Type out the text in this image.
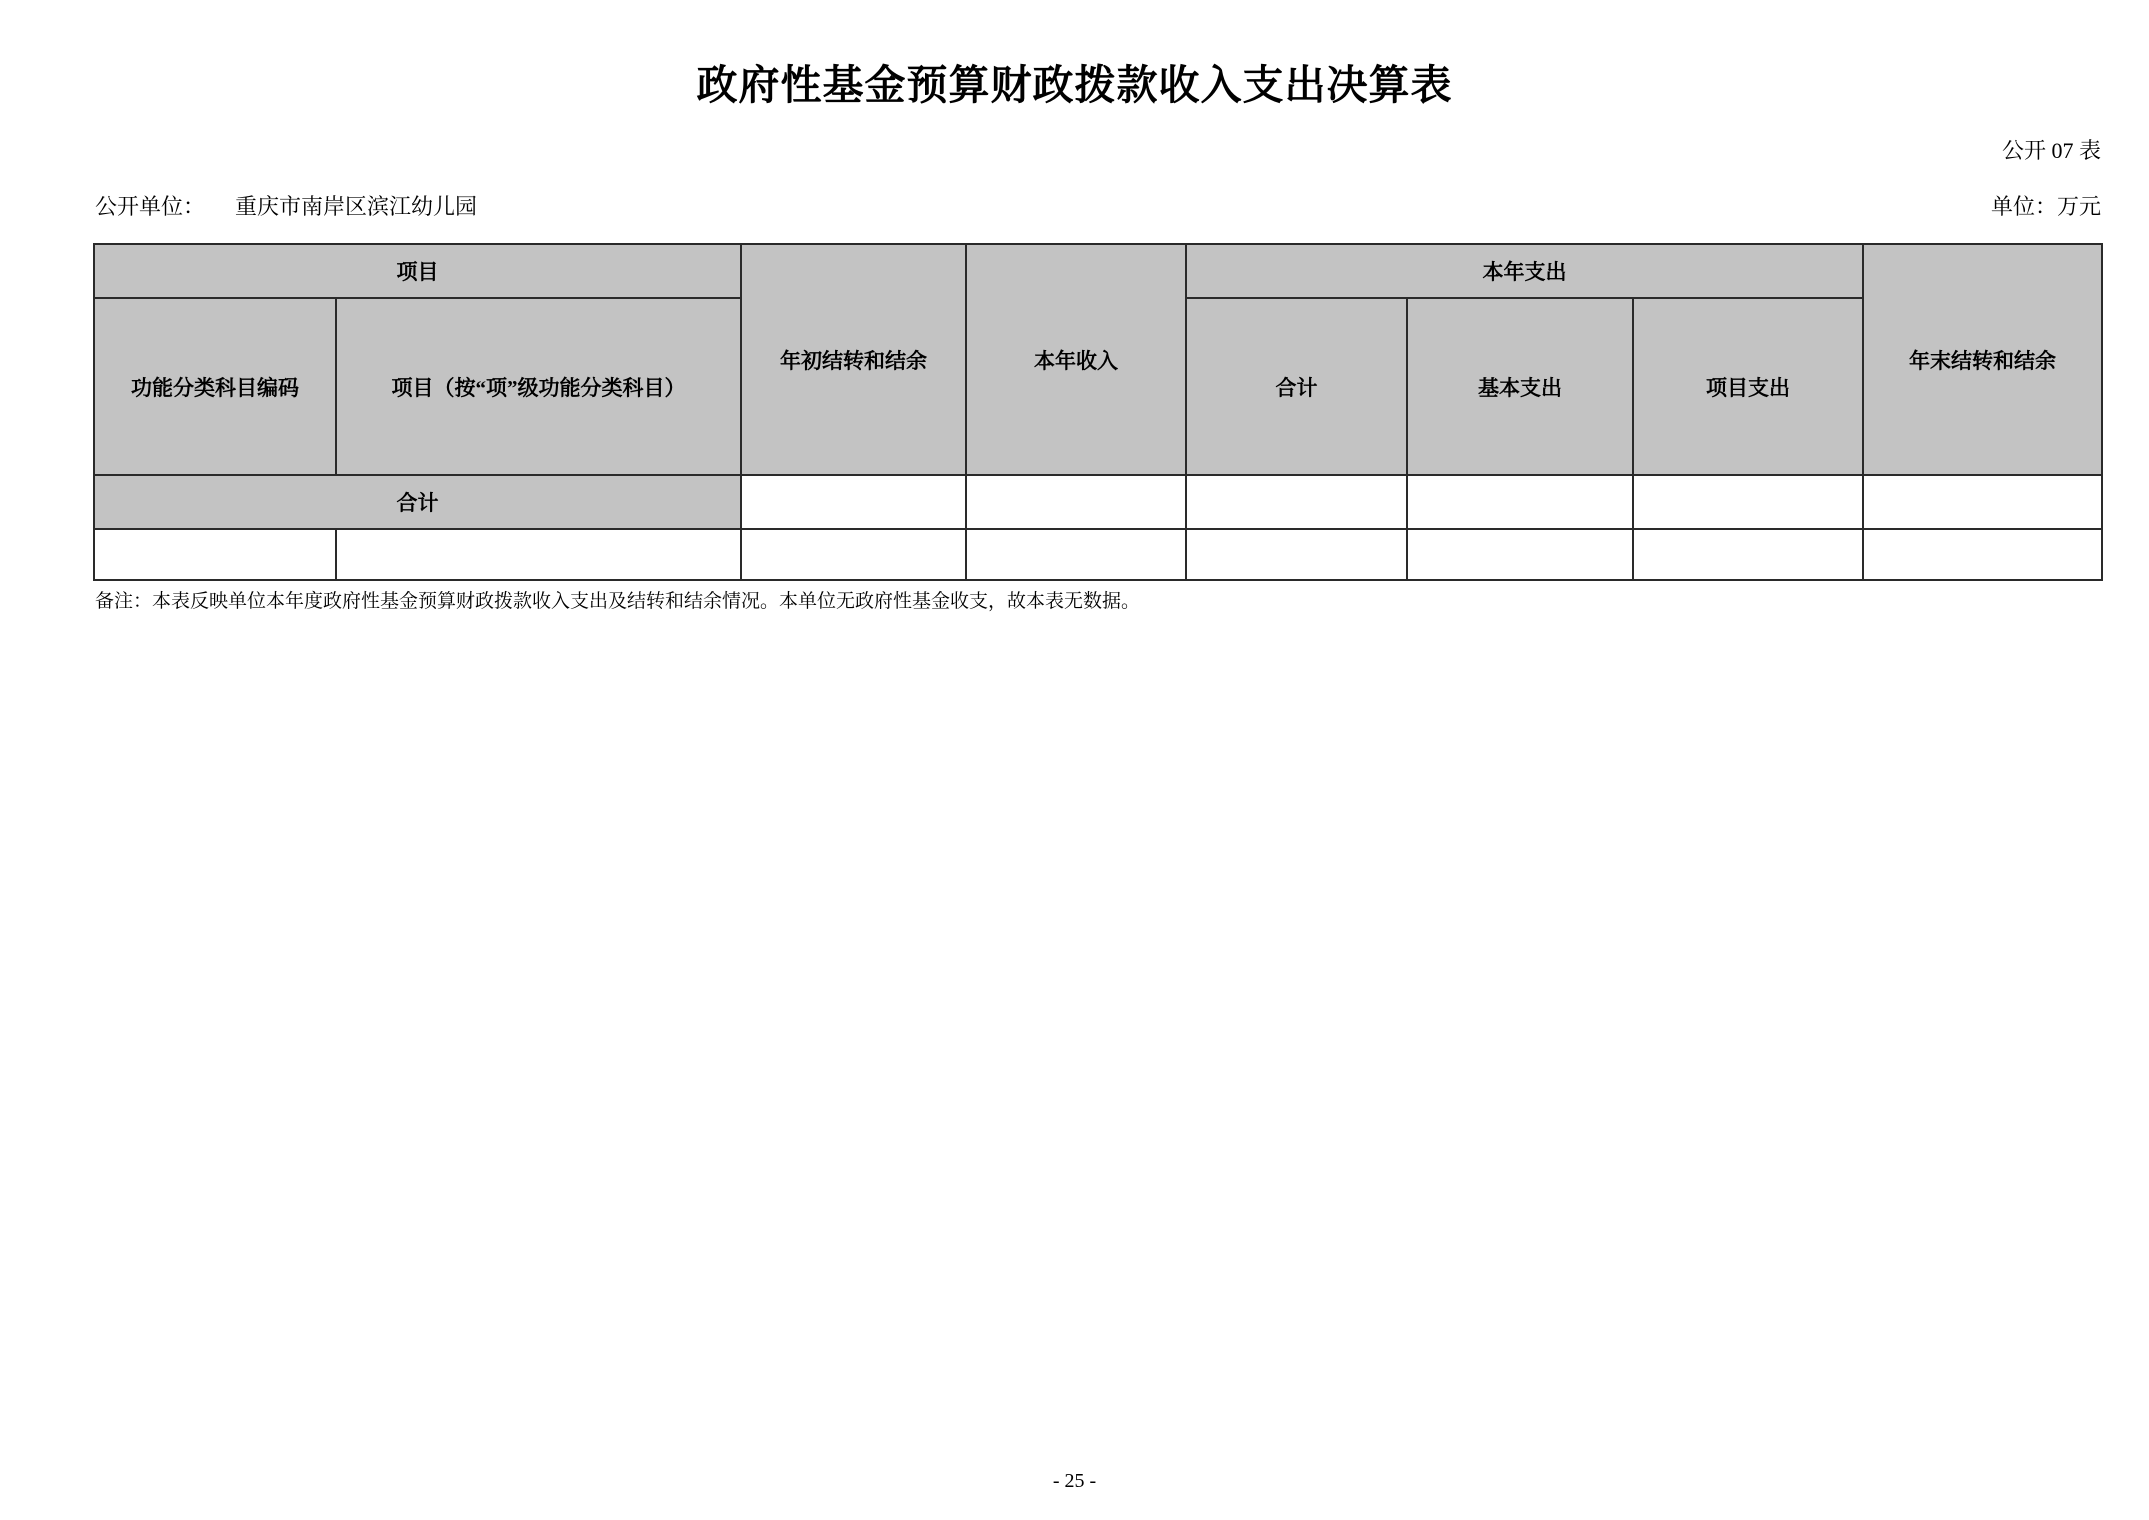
政府性基金预算财政拨款收入支出决算表
公开 07 表
公开单位： 重庆市南岸区滨江幼儿园	单位：万元
项目		年初结转和结余	本年收入	本年支出			年末结转和结余
功能分类科目编码	项目（按“项”级功能分类科目）			合计	基本支出	项目支出	
合计							

备注：本表反映单位本年度政府性基金预算财政拨款收入支出及结转和结余情况。本单位无政府性基金收支，故本表无数据。
- 25 -
